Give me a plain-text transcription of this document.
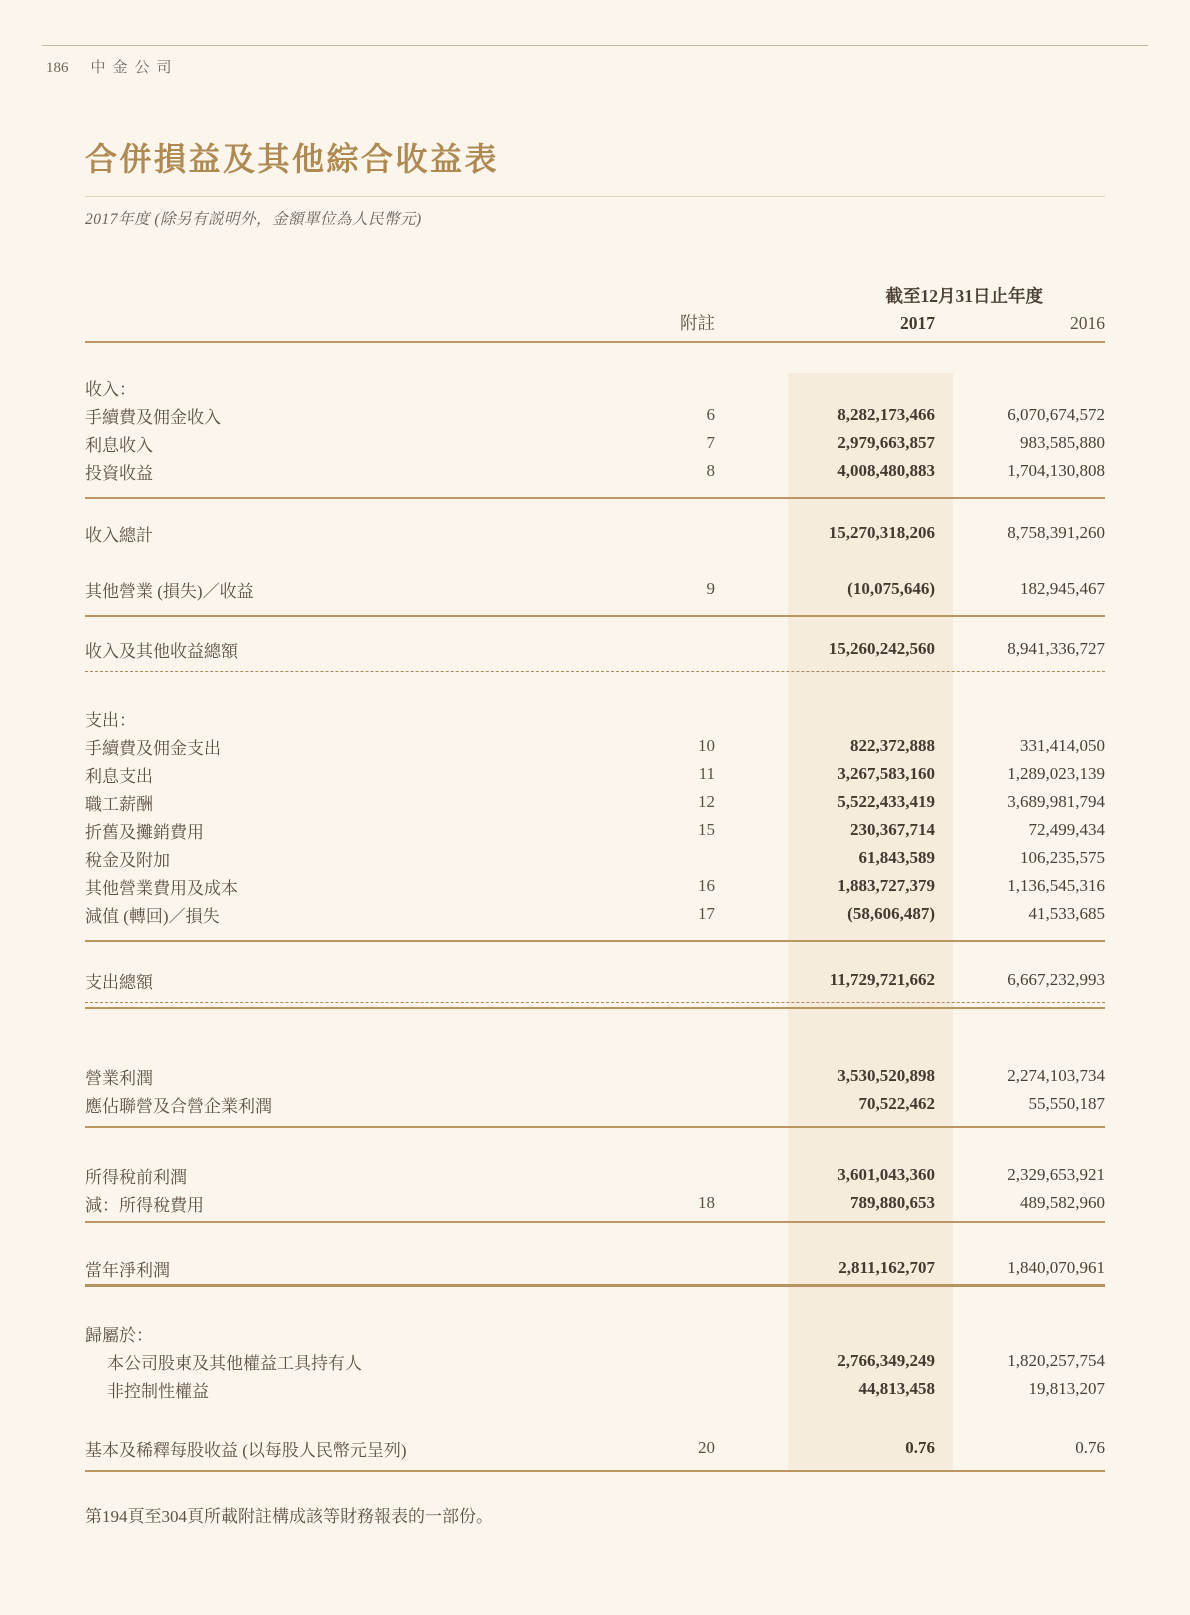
186 中金公司
合併損益及其他綜合收益表
2017年度 (除另有説明外，金額單位為人民幣元)
截至12月31日止年度
附註	2017	2016
收入：
手續費及佣金收入	6	8,282,173,466	6,070,674,572
利息收入	7	2,979,663,857	983,585,880
投資收益	8	4,008,480,883	1,704,130,808
收入總計	15,270,318,206	8,758,391,260
其他營業 (損失)／收益	9	(10,075,646)	182,945,467
收入及其他收益總額	15,260,242,560	8,941,336,727
支出：
手續費及佣金支出	10	822,372,888	331,414,050
利息支出	11	3,267,583,160	1,289,023,139
職工薪酬	12	5,522,433,419	3,689,981,794
折舊及攤銷費用	15	230,367,714	72,499,434
稅金及附加	61,843,589	106,235,575
其他營業費用及成本	16	1,883,727,379	1,136,545,316
減值 (轉回)／損失	17	(58,606,487)	41,533,685
支出總額	11,729,721,662	6,667,232,993
營業利潤	3,530,520,898	2,274,103,734
應佔聯營及合營企業利潤	70,522,462	55,550,187
所得稅前利潤	3,601,043,360	2,329,653,921
減：所得稅費用	18	789,880,653	489,582,960
當年淨利潤	2,811,162,707	1,840,070,961
歸屬於：
本公司股東及其他權益工具持有人	2,766,349,249	1,820,257,754
非控制性權益	44,813,458	19,813,207
基本及稀釋每股收益 (以每股人民幣元呈列)	20	0.76	0.76
第194頁至304頁所載附註構成該等財務報表的一部份。
